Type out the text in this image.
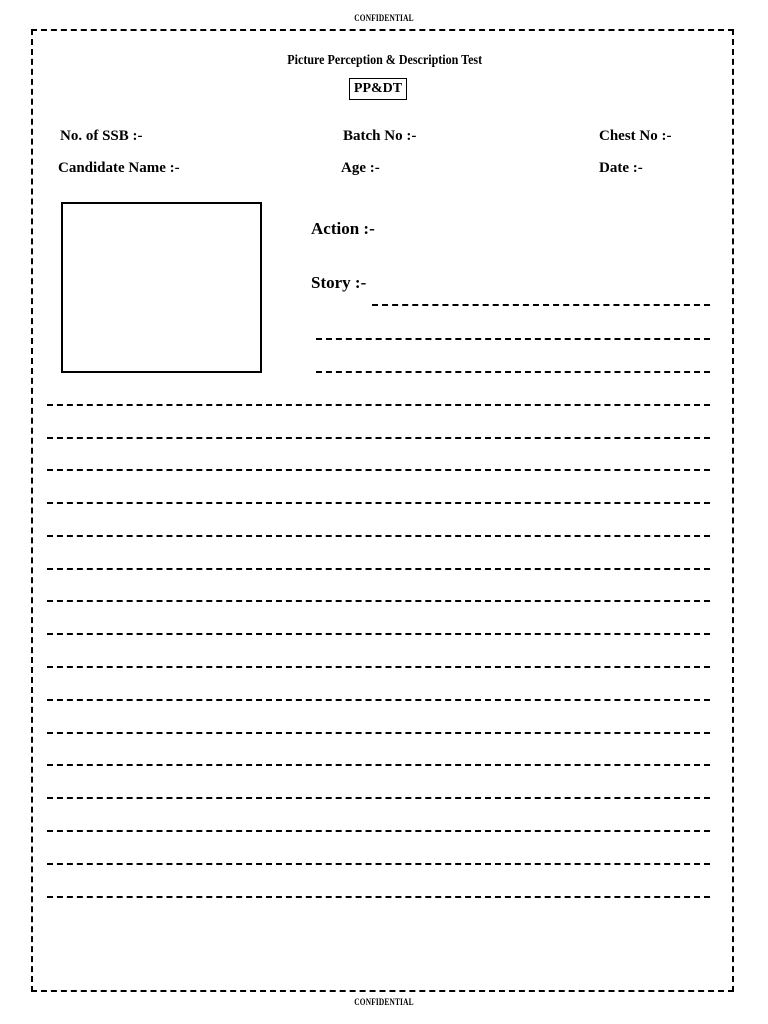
CONFIDENTIAL
Picture Perception & Description Test
PP&DT
No. of SSB :-	Batch No :-	Chest No :-
Candidate Name :-	Age :-	Date :-
Action :-
Story :-
CONFIDENTIAL
